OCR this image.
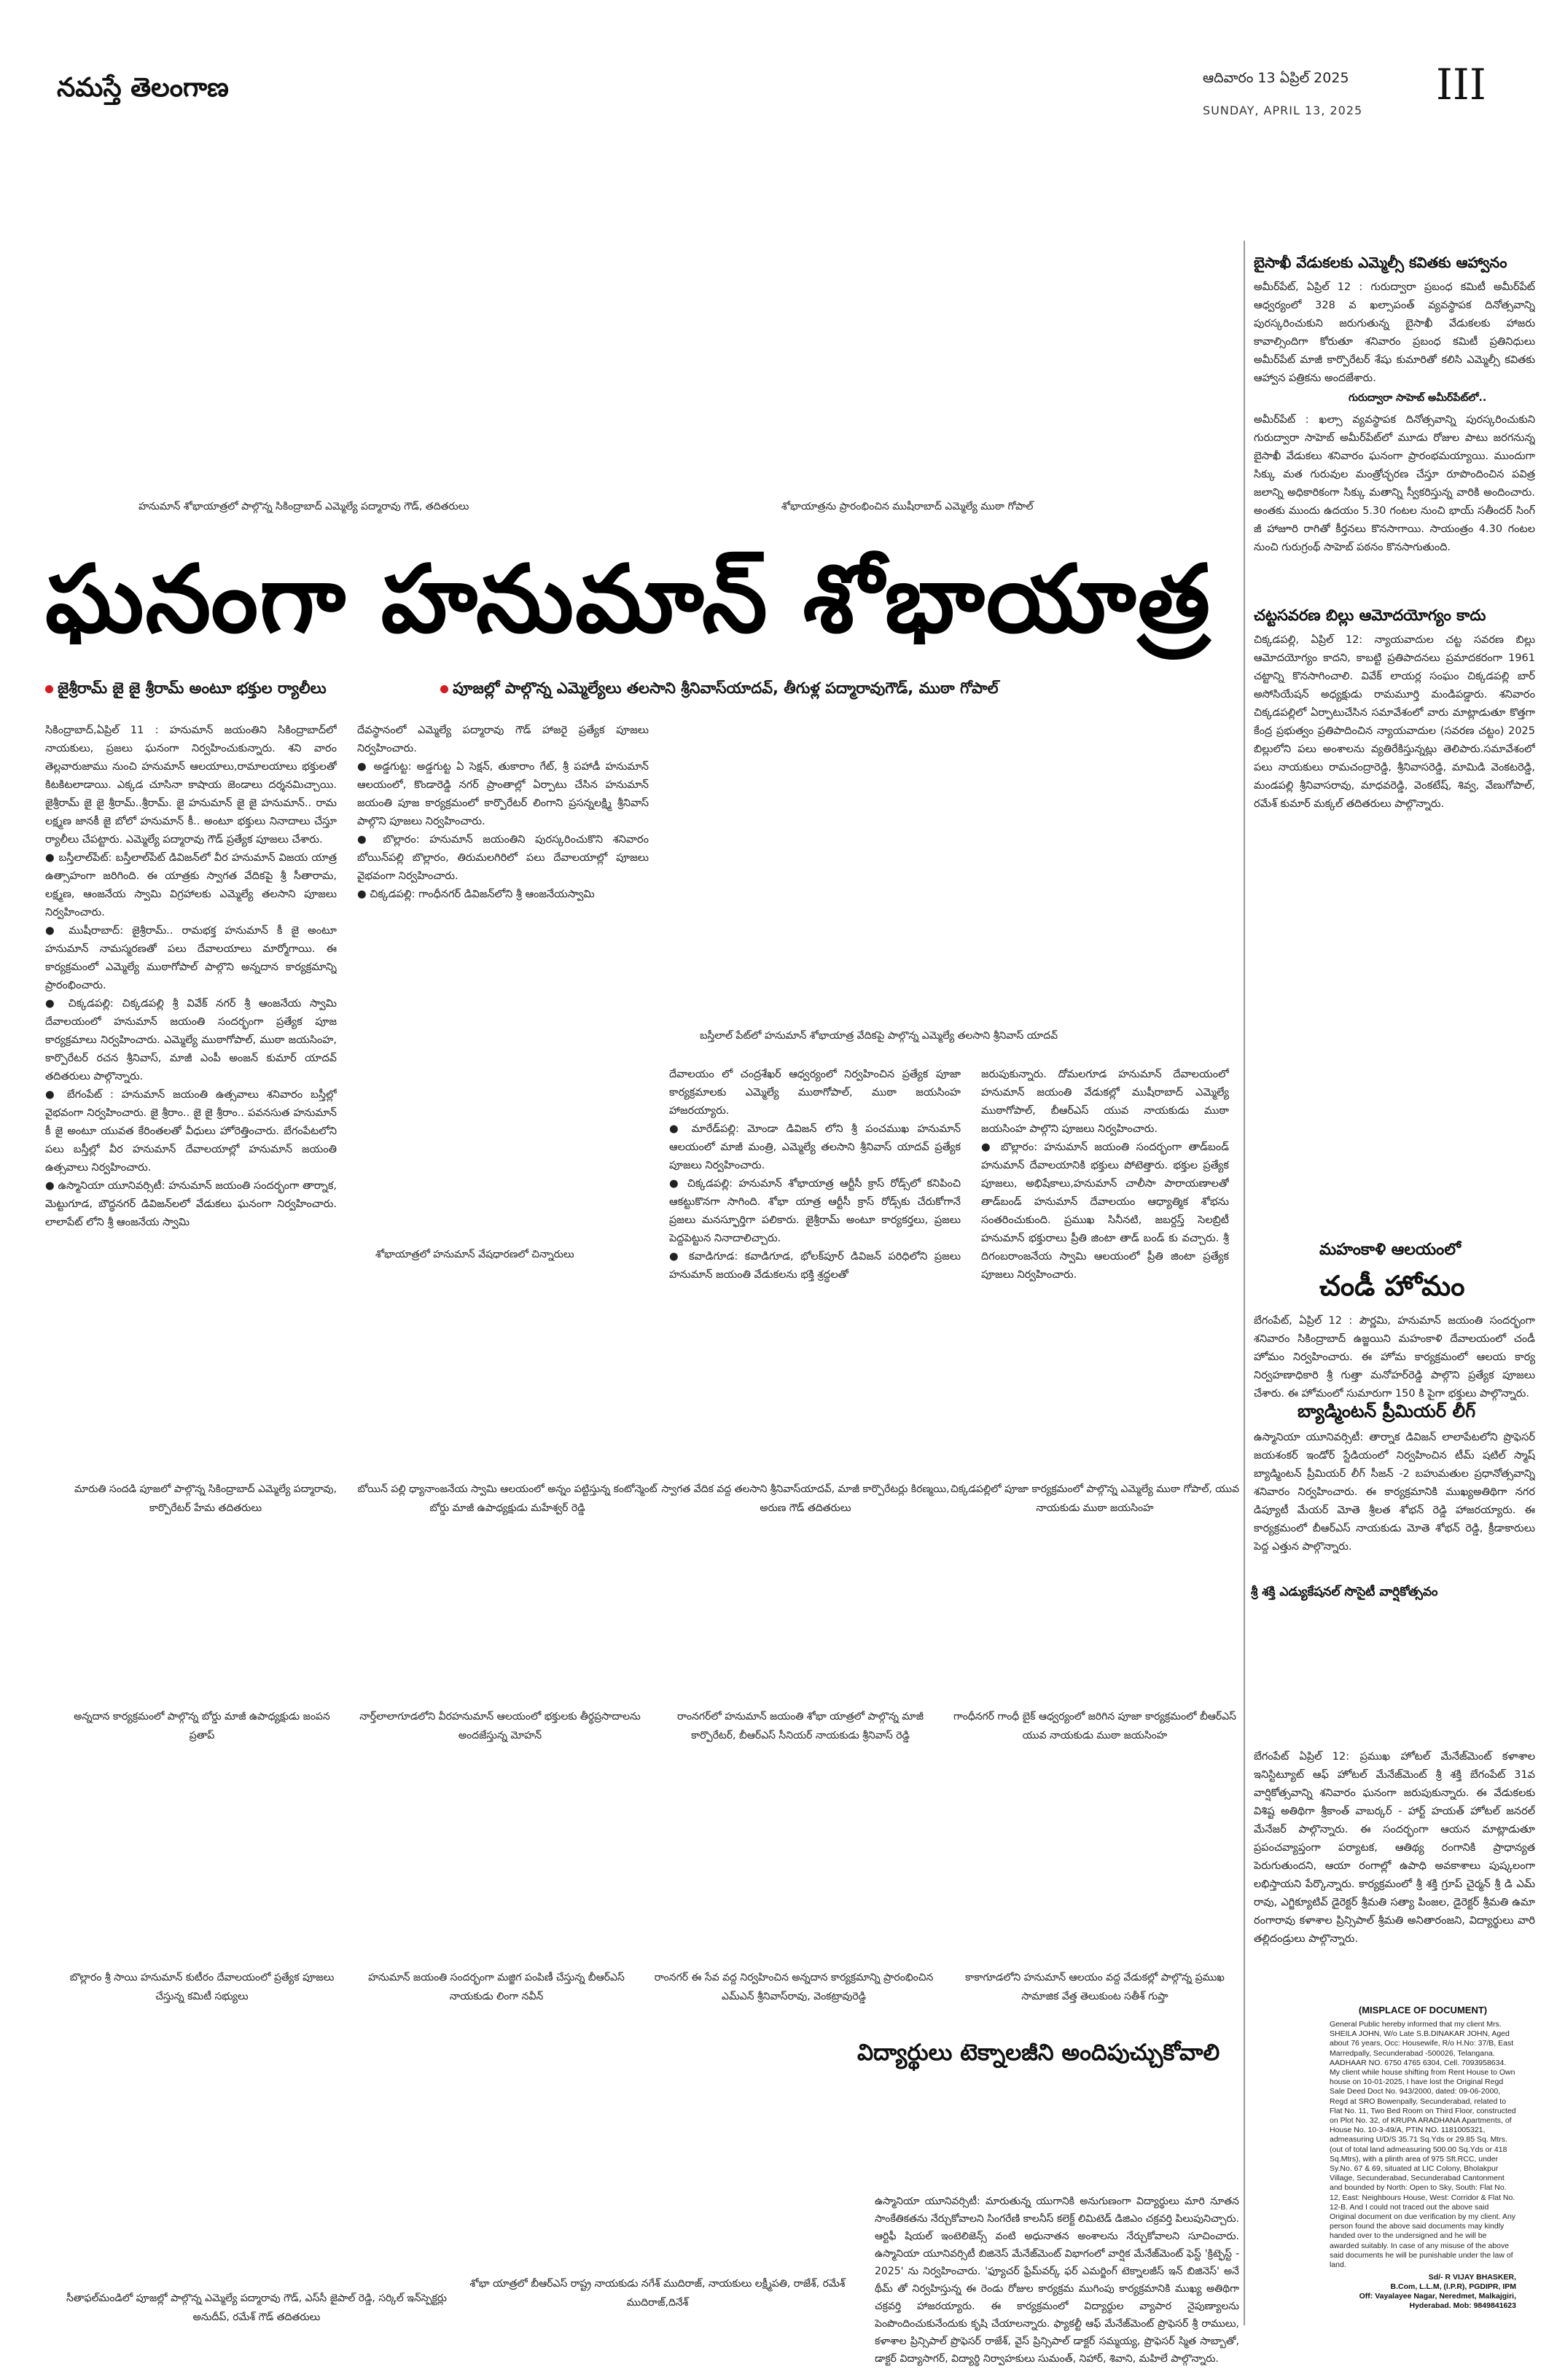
నమస్తే తెలంగాణ	ఆదివారం 13 ఏప్రిల్ 2025
SUNDAY, APRIL 13, 2025
III
హనుమాన్ శోభాయాత్రలో పాల్గొన్న సికింద్రాబాద్ ఎమ్మెల్యే పద్మారావు గౌడ్, తదితరులు	శోభాయాత్రను ప్రారంభించిన ముషీరాబాద్ ఎమ్మెల్యే ముఠా గోపాల్
ఘనంగా హనుమాన్ శోభాయాత్ర
జైశ్రీరామ్ జై జై శ్రీరామ్ అంటూ భక్తుల ర్యాలీలు	పూజల్లో పాల్గొన్న ఎమ్మెల్యేలు తలసాని శ్రీనివాస్‌యాదవ్, తీగుళ్ల పద్మారావుగౌడ్, ముఠా గోపాల్
సికింద్రాబాద్,ఏప్రిల్ 11 : హనుమాన్ జయంతిని సికింద్రాబాద్‌లో నాయకులు, ప్రజలు ఘనంగా నిర్వహించుకున్నారు. శని వారం తెల్లవారుజాము నుంచి హనుమాన్ ఆలయాలు,రామాలయాలు భక్తులతో కిటకిటలాడాయి. ఎక్కడ చూసినా కాషాయ జెండాలు దర్శనమిచ్చాయి. జైశ్రీరామ్ జై జై శ్రీరామ్..శ్రీరామ్. జై హనుమాన్ జై జై హనుమాన్.. రామ లక్ష్మణ జానకీ జై బోలో హనుమాన్ కీ.. అంటూ భక్తులు నినాదాలు చేస్తూ ర్యాలీలు చేపట్టారు. ఎమ్మెల్యే పద్మారావు గౌడ్ ప్రత్యేక పూజలు చేశారు.
● బస్తీలాల్‌పేట్: బస్తీలాల్‌పేట్ డివిజన్‌లో వీర హనుమాన్ విజయ యాత్ర ఉత్సాహంగా జరిగింది. ఈ యాత్రకు స్వాగత వేదికపై శ్రీ సీతారామ, లక్ష్మణ, ఆంజనేయ స్వామి విగ్రహాలకు ఎమ్మెల్యే తలసాని పూజలు నిర్వహించారు.
● ముషీరాబాద్: జైశ్రీరామ్.. రామభక్త హనుమాన్ కీ జై అంటూ హనుమాన్ నామస్మరణతో పలు దేవాలయాలు మార్మోగాయి. ఈ కార్యక్రమంలో ఎమ్మెల్యే ముఠాగోపాల్ పాల్గొని అన్నదాన కార్యక్రమాన్ని ప్రారంభించారు.
● చిక్కడపల్లి: చిక్కడపల్లి శ్రీ వివేక్ నగర్ శ్రీ ఆంజనేయ స్వామి దేవాలయంలో హనుమాన్ జయంతి సందర్భంగా ప్రత్యేక పూజ కార్యక్రమాలు నిర్వహించారు. ఎమ్మెల్యే ముఠాగోపాల్, ముఠా జయసింహ, కార్పొరేటర్ రచన శ్రీనివాస్, మాజీ ఎంపీ అంజన్ కుమార్ యాదవ్ తదితరులు పాల్గొన్నారు.
● బేగంపేట్ : హనుమాన్ జయంతి ఉత్సవాలు శనివారం బస్తీల్లో వైభవంగా నిర్వహించారు. జై శ్రీరాం.. జై జై శ్రీరాం.. పవనసుత హనుమాన్ కీ జై అంటూ యువత కేరింతలతో వీధులు హోరెత్తించారు. బేగంపేటలోని పలు బస్తీల్లో వీర హనుమాన్ దేవాలయాల్లో హనుమాన్ జయంతి ఉత్సవాలు నిర్వహించారు.
● ఉస్మానియా యూనివర్సిటీ: హనుమాన్ జయంతి సందర్భంగా తార్నాక, మెట్టుగూడ, బౌద్ధనగర్ డివిజన్‌లలో వేడుకలు ఘనంగా నిర్వహించారు. లాలాపేట్ లోని శ్రీ ఆంజనేయ స్వామి
దేవస్థానంలో ఎమ్మెల్యే పద్మారావు గౌడ్ హాజరై ప్రత్యేక పూజలు నిర్వహించారు.
● అడ్డగుట్ట: అడ్డగుట్ట ఏ సెక్షన్, తుకారాం గేట్, శ్రీ పహాడీ హనుమాన్ ఆలయంలో, కొండారెడ్డి నగర్ ప్రాంతాల్లో ఏర్పాటు చేసిన హనుమాన్ జయంతి పూజ కార్యక్రమంలో కార్పొరేటర్ లింగాని ప్రసన్నలక్ష్మి శ్రీనివాస్ పాల్గొని పూజలు నిర్వహించారు.
● బొల్లారం: హనుమాన్ జయంతిని పురస్కరించుకొని శనివారం బోయిన్‌పల్లి బొల్లారం, తిరుమలగిరిలో పలు దేవాలయాల్లో పూజలు వైభవంగా నిర్వహించారు.
● చిక్కడపల్లి: గాంధీనగర్ డివిజన్‌లోని శ్రీ ఆంజనేయస్వామి
దేవాలయం లో చంద్రశేఖర్ ఆధ్వర్యంలో నిర్వహించిన ప్రత్యేక పూజా కార్యక్రమాలకు ఎమ్మెల్యే ముఠాగోపాల్, ముఠా జయసింహ హాజరయ్యారు.
● మారేడ్‌పల్లి: మోండా డివిజన్ లోని శ్రీ పంచముఖ హనుమాన్ ఆలయంలో మాజీ మంత్రి, ఎమ్మెల్యే తలసాని శ్రీనివాస్ యాదవ్ ప్రత్యేక పూజలు నిర్వహించారు.
● చిక్కడపల్లి: హనుమాన్ శోభాయాత్ర ఆర్టీసీ క్రాస్ రోడ్స్‌లో కనిపించి ఆకట్టుకొనగా సాగింది. శోభా యాత్ర ఆర్టీసీ క్రాస్ రోడ్స్‌కు చేరుకోగానే ప్రజలు మనస్ఫూర్తిగా పలికారు. జైశ్రీరామ్ అంటూ కార్యకర్తలు, ప్రజలు పెద్దపెట్టున నినాదాలిచ్చారు.
● కవాడిగూడ: కవాడిగూడ, భోలక్‌పూర్ డివిజన్ పరిధిలోని ప్రజలు హనుమాన్ జయంతి వేడుకలను భక్తి శ్రద్ధలతో
జరుపుకున్నారు. దోమలగూడ హనుమాన్ దేవాలయంలో హనుమాన్ జయంతి వేడుకల్లో ముషీరాబాద్ ఎమ్మెల్యే ముఠాగోపాల్, బీఆర్‌ఎస్ యువ నాయకుడు ముఠా జయసింహ పాల్గొని పూజలు నిర్వహించారు.
● బొల్లారం: హనుమాన్ జయంతి సందర్భంగా తాడ్‌బండ్ హనుమాన్ దేవాలయానికి భక్తులు పోటెత్తారు. భక్తుల ప్రత్యేక పూజలు, అభిషేకాలు,హనుమాన్ చాలీసా పారాయణాలతో తాడ్‌బండ్ హనుమాన్ దేవాలయం ఆధ్యాత్మిక శోభను సంతరించుకుంది. ప్రముఖ సినీనటి, జబర్దస్త్ సెలబ్రిటీ హనుమాన్ భక్తురాలు ప్రీతి జింటా తాడ్ బండ్ కు వచ్చారు. శ్రీ దిగంబరాంజనేయ స్వామి ఆలయంలో ప్రీతి జింటా ప్రత్యేక పూజలు నిర్వహించారు.
బస్తీలాల్ పేట్‌లో హనుమాన్ శోభాయాత్ర వేదికపై పాల్గొన్న ఎమ్మెల్యే తలసాని శ్రీనివాస్ యాదవ్
శోభాయాత్రలో హనుమాన్ వేషధారణలో చిన్నారులు
మారుతి సందడి పూజలో పాల్గొన్న సికింద్రాబాద్ ఎమ్మెల్యే పద్మారావు, కార్పొరేటర్ హేమ తదితరులు
బోయిన్ పల్లి ధ్యానాంజనేయ స్వామి ఆలయంలో అన్నం పట్టిస్తున్న కంటోన్మెంట్ బోర్డు మాజీ ఉపాధ్యక్షుడు మహేశ్వర్ రెడ్డి
స్వాగత వేదిక వద్ద తలసాని శ్రీనివాస్‌యాదవ్, మాజీ కార్పొరేటర్లు కిరణ్మయి, అరుణ గౌడ్ తదితరులు
చిక్కడపల్లిలో పూజా కార్యక్రమంలో పాల్గొన్న ఎమ్మెల్యే ముఠా గోపాల్, యువ నాయకుడు ముఠా జయసింహ
అన్నదాన కార్యక్రమంలో పాల్గొన్న బోర్డు మాజీ ఉపాధ్యక్షుడు జంపన ప్రతాప్
నార్త్‌లాలాగూడలోని వీరహనుమాన్ ఆలయంలో భక్తులకు తీర్థప్రసాదాలను అందజేస్తున్న మోహన్
రాంనగర్‌లో హనుమాన్ జయంతి శోభా యాత్రలో పాల్గొన్న మాజీ కార్పొరేటర్, బీఆర్‌ఎస్ సీనియర్ నాయకుడు శ్రీనివాస్ రెడ్డి
గాంధీనగర్ గాంధీ బైక్ ఆధ్వర్యంలో జరిగిన పూజా కార్యక్రమంలో బీఆర్‌ఎస్ యువ నాయకుడు ముఠా జయసింహ
బొల్లారం శ్రీ సాయి హనుమాన్ కుటీరం దేవాలయంలో ప్రత్యేక పూజలు చేస్తున్న కమిటీ సభ్యులు
హనుమాన్ జయంతి సందర్భంగా మజ్జిగ పంపిణీ చేస్తున్న బీఆర్‌ఎస్ నాయకుడు లింగా నవీన్
రాంనగర్ ఈ సేవ వద్ద నిర్వహించిన అన్నదాన కార్యక్రమాన్ని ప్రారంభించిన ఎమ్‌ఎన్ శ్రీనివాస్‌రావు, వెంకట్రావురెడ్డి
కాకాగూడలోని హనుమాన్ ఆలయం వద్ద వేడుకల్లో పాల్గొన్న ప్రముఖ సామాజిక వేత్త తెలుకుంట సతీశ్ గుప్తా
విద్యార్థులు టెక్నాలజీని అందిపుచ్చుకోవాలి
ఉస్మానియా యూనివర్సిటీ: మారుతున్న యుగానికి అనుగుణంగా విద్యార్థులు మారి నూతన సాంకేతికతను నేర్చుకోవాలని సింగరేణి కాలనీస్ కలెక్ట్ లిమిటెడ్ డిజిఎం చక్రవర్తి పిలుపునిచ్చారు. ఆర్టిఫీ షియల్ ఇంటెలిజెన్స్ వంటి అధునాతన అంశాలను నేర్చుకోవాలని సూచించారు. ఉస్మానియా యూనివర్సిటీ బిజినెస్ మేనేజ్‌మెంట్ విభాగంలో వార్షిక మేనేజ్‌మెంట్ ఫెస్ట్ 'క్రిట్ఫెస్ట్ - 2025' ను నిర్వహించారు. 'ఫ్యూచర్ ఫ్రేమ్‌వర్క్ ఫర్ ఎమర్జింగ్ టెక్నాలజీస్ ఇన్ బిజినెస్' అనే థీమ్ తో నిర్వహిస్తున్న ఈ రెండు రోజుల కార్యక్రమ ముగింపు కార్యక్రమానికి ముఖ్య అతిథిగా చక్రవర్తి హాజరయ్యారు. ఈ కార్యక్రమంలో విద్యార్థుల వ్యాపార నైపుణ్యాలను పెంపొందించుకునేందుకు కృషి చేయాలన్నారు. ఫ్యాకల్టీ ఆఫ్ మేనేజ్‌మెంట్ ప్రొఫెసర్ శ్రీ రాములు, కళాశాల ప్రిన్సిపాల్ ప్రొఫెసర్ రాజేశ్, వైస్ ప్రిన్సిపాల్ డాక్టర్ సమ్మయ్య, ప్రొఫెసర్ స్మిత సాబ్బాతో, డాక్టర్ విద్యాసాగర్, విద్యార్థి నిర్వాహకులు సుమంత్, నిహార్, శివాని, మహిలే పాల్గొన్నారు.
సీతాఫల్‌మండిలో పూజల్లో పాల్గొన్న ఎమ్మెల్యే పద్మారావు గౌడ్, ఎస్‌సీ జైపాల్ రెడ్డి, సర్కిల్ ఇన్‌స్పెక్టర్లు అనుదీప్, రమేశ్ గౌడ్ తదితరులు
శోభా యాత్రలో బీఆర్‌ఎస్ రాష్ట్ర నాయకుడు నగేశ్ ముదిరాజ్, నాయకులు లక్ష్మీపతి, రాజేశ్, రమేశ్ ముదిరాజ్,దినేశ్
బైసాఖీ వేడుకలకు ఎమ్మెల్సీ కవితకు ఆహ్వానం
అమీర్‌పేట్, ఏప్రిల్ 12 : గురుద్వారా ప్రబంధ కమిటీ అమీర్‌పేట్ ఆధ్వర్యంలో 328 వ ఖల్సాపంత్ వ్యవస్థాపక దినోత్సవాన్ని పురస్కరించుకుని జరుగుతున్న బైసాఖీ వేడుకలకు హాజరు కావాల్సిందిగా కోరుతూ శనివారం ప్రబంధ కమిటీ ప్రతినిధులు అమీర్‌పేట్ మాజీ కార్పొరేటర్ శేషు కుమారితో కలిసి ఎమ్మెల్సీ కవితకు ఆహ్వాన పత్రికను అందజేశారు.
గురుద్వారా సాహెబ్ అమీర్‌పేట్‌లో..
అమీర్‌పేట్ : ఖల్సా వ్యవస్థాపక దినోత్సవాన్ని పురస్కరించుకుని గురుద్వారా సాహెబ్ అమీర్‌పేట్‌లో మూడు రోజుల పాటు జరగనున్న బైసాఖీ వేడుకలు శనివారం ఘనంగా ప్రారంభమయ్యాయి. ముందుగా సిక్కు మత గురువుల మంత్రోచ్ఛరణ చేస్తూ రూపొందించిన పవిత్ర జలాన్ని అధికారికంగా సిక్కు మతాన్ని స్వీకరిస్తున్న వారికి అందించారు. అంతకు ముందు ఉదయం 5.30 గంటల నుంచి భాయ్ సతీందర్ సింగ్ జీ హాజూరి రాగితో కీర్తనలు కొనసాగాయి. సాయంత్రం 4.30 గంటల నుంచి గురుగ్రంథ్ సాహెబ్ పఠనం కొనసాగుతుంది.
చట్టసవరణ బిల్లు ఆమోదయోగ్యం కాదు
చిక్కడపల్లి, ఏప్రిల్ 12: న్యాయవాదుల చట్ట సవరణ బిల్లు ఆమోదయోగ్యం కాదని, కాబట్టి ప్రతిపాదనలు ప్రమాదకరంగా 1961 చట్టాన్ని కొనసాగించాలి. వివేక్ లాయర్ల సంఘం చిక్కడపల్లి బార్ అసోసియేషన్ అధ్యక్షుడు రామమూర్తి మండిపడ్డారు. శనివారం చిక్కడపల్లిలో ఏర్పాటుచేసిన సమావేశంలో వారు మాట్లాడుతూ కొత్తగా కేంద్ర ప్రభుత్వం ప్రతిపాదించిన న్యాయవాదుల (సవరణ చట్టం) 2025 బిల్లులోని పలు అంశాలను వ్యతిరేకిస్తున్నట్లు తెలిపారు.సమావేశంలో పలు నాయకులు రామచంద్రారెడ్డి, శ్రీనివాసరెడ్డి, మామిడి వెంకటరెడ్డి, మండపల్లి శ్రీనివాసరావు, మాధవరెడ్డి, వెంకటేష్, శివ్వ, వేణుగోపాల్, రమేశ్ కుమార్ మక్కల్ తదితరులు పాల్గొన్నారు.
మహంకాళి ఆలయంలో
చండీ హోమం
బేగంపేట్, ఏప్రిల్ 12 : పౌర్ణమి, హనుమాన్ జయంతి సందర్భంగా శనివారం సికింద్రాబాద్ ఉజ్జయిని మహంకాళి దేవాలయంలో చండీ హోమం నిర్వహించారు. ఈ హోమ కార్యక్రమంలో ఆలయ కార్య నిర్వహణాధికారి శ్రీ గుత్తా మనోహర్‌రెడ్డి పాల్గొని ప్రత్యేక పూజలు చేశారు. ఈ హోమంలో సుమారుగా 150 కి పైగా భక్తులు పాల్గొన్నారు.
బ్యాడ్మింటన్ ప్రీమియర్ లీగ్
ఉస్మానియా యూనివర్సిటీ: తార్నాక డివిజన్ లాలాపేటలోని ప్రొఫెసర్ జయశంకర్ ఇండోర్ స్టేడియంలో నిర్వహించిన టీమ్ షటిల్ స్మాష్ బ్యాడ్మింటన్ ప్రీమియర్ లీగ్ సీజన్ -2 బహుమతుల ప్రధానోత్సవాన్ని శనివారం నిర్వహించారు. ఈ కార్యక్రమానికి ముఖ్యఅతిథిగా నగర డిప్యూటీ మేయర్ మోతె శ్రీలత శోభన్ రెడ్డి హాజరయ్యారు. ఈ కార్యక్రమంలో బీఆర్‌ఎస్ నాయకుడు మోతె శోభన్ రెడ్డి, క్రీడాకారులు పెద్ద ఎత్తున పాల్గొన్నారు.
శ్రీ శక్తి ఎడ్యుకేషనల్ సొసైటీ వార్షికోత్సవం
బేగంపేట్ ఏప్రిల్ 12: ప్రముఖ హోటల్ మేనేజ్‌మెంట్ కళాశాల ఇనిస్టిట్యూట్ ఆఫ్ హోటల్ మేనేజ్‌మెంట్ శ్రీ శక్తి బేగంపేట్ 31వ వార్షికోత్సవాన్ని శనివారం ఘనంగా జరుపుకున్నారు. ఈ వేడుకలకు విశిష్ట అతిథిగా శ్రీకాంత్ వాబర్కర్ - హార్ట్ హయత్ హోటల్ జనరల్ మేనేజర్ పాల్గొన్నారు. ఈ సందర్భంగా ఆయన మాట్లాడుతూ ప్రపంచవ్యాప్తంగా పర్యాటక, ఆతిథ్య రంగానికి ప్రాధాన్యత పెరుగుతుందని, ఆయా రంగాల్లో ఉపాధి అవకాశాలు పుష్కలంగా లభిస్తాయని పేర్కొన్నారు. కార్యక్రమంలో శ్రీ శక్తి గ్రూప్ చైర్మన్ శ్రీ డి ఎమ్ రావు, ఎగ్జిక్యూటివ్ డైరెక్టర్ శ్రీమతి సత్యా పింజల, డైరెక్టర్ శ్రీమతి ఉమా రంగారావు కళాశాల ప్రిన్సిపాల్ శ్రీమతి అనితారంజని, విద్యార్థులు వారి తల్లిదండ్రులు పాల్గొన్నారు.
(MISPLACE OF DOCUMENT)
General Public hereby informed that my client Mrs. SHEILA JOHN, W/o Late S.B.DINAKAR JOHN, Aged about 76 years, Occ: Housewife, R/o H.No: 37/B, East Marredpally, Secunderabad -500026, Telangana. AADHAAR NO. 6750 4765 6304, Cell. 7093958634. My client while house shifting from Rent House to Own house on 10-01-2025, I have lost the Original Regd Sale Deed Doct No. 943/2000, dated: 09-06-2000, Regd at SRO Bowenpally, Secunderabad, related to Flat No. 11, Two Bed Room on Third Floor, constructed on Plot No. 32, of KRUPA ARADHANA Apartments, of House No. 10-3-49/A, PTIN NO. 1181005321, admeasuring U/D/S 35.71 Sq.Yds or 29.85 Sq. Mtrs.(out of total land admeasuring 500.00 Sq.Yds or 418 Sq.Mtrs), with a plinth area of 975 Sft.RCC, under Sy.No. 67 & 69, situated at LIC Colony, Bholakpur Village, Secunderabad, Secunderabad Cantonment and bounded by North: Open to Sky, South: Flat No. 12, East: Neighbours House, West: Corridor & Flat No. 12-B. And I could not traced out the above said Original document on due verification by my client. Any person found the above said documents may kindly handed over to the undersigned and he will be awarded suitably. In case of any misuse of the above said documents he will be punishable under the law of land.
Sd/- R VIJAY BHASKER,
B.Com, L.L.M, (I.P.R), PGDIPR, IPM
Off: Vayalayee Nagar, Neredmet, Malkajgiri,
Hyderabad. Mob: 9849841623
